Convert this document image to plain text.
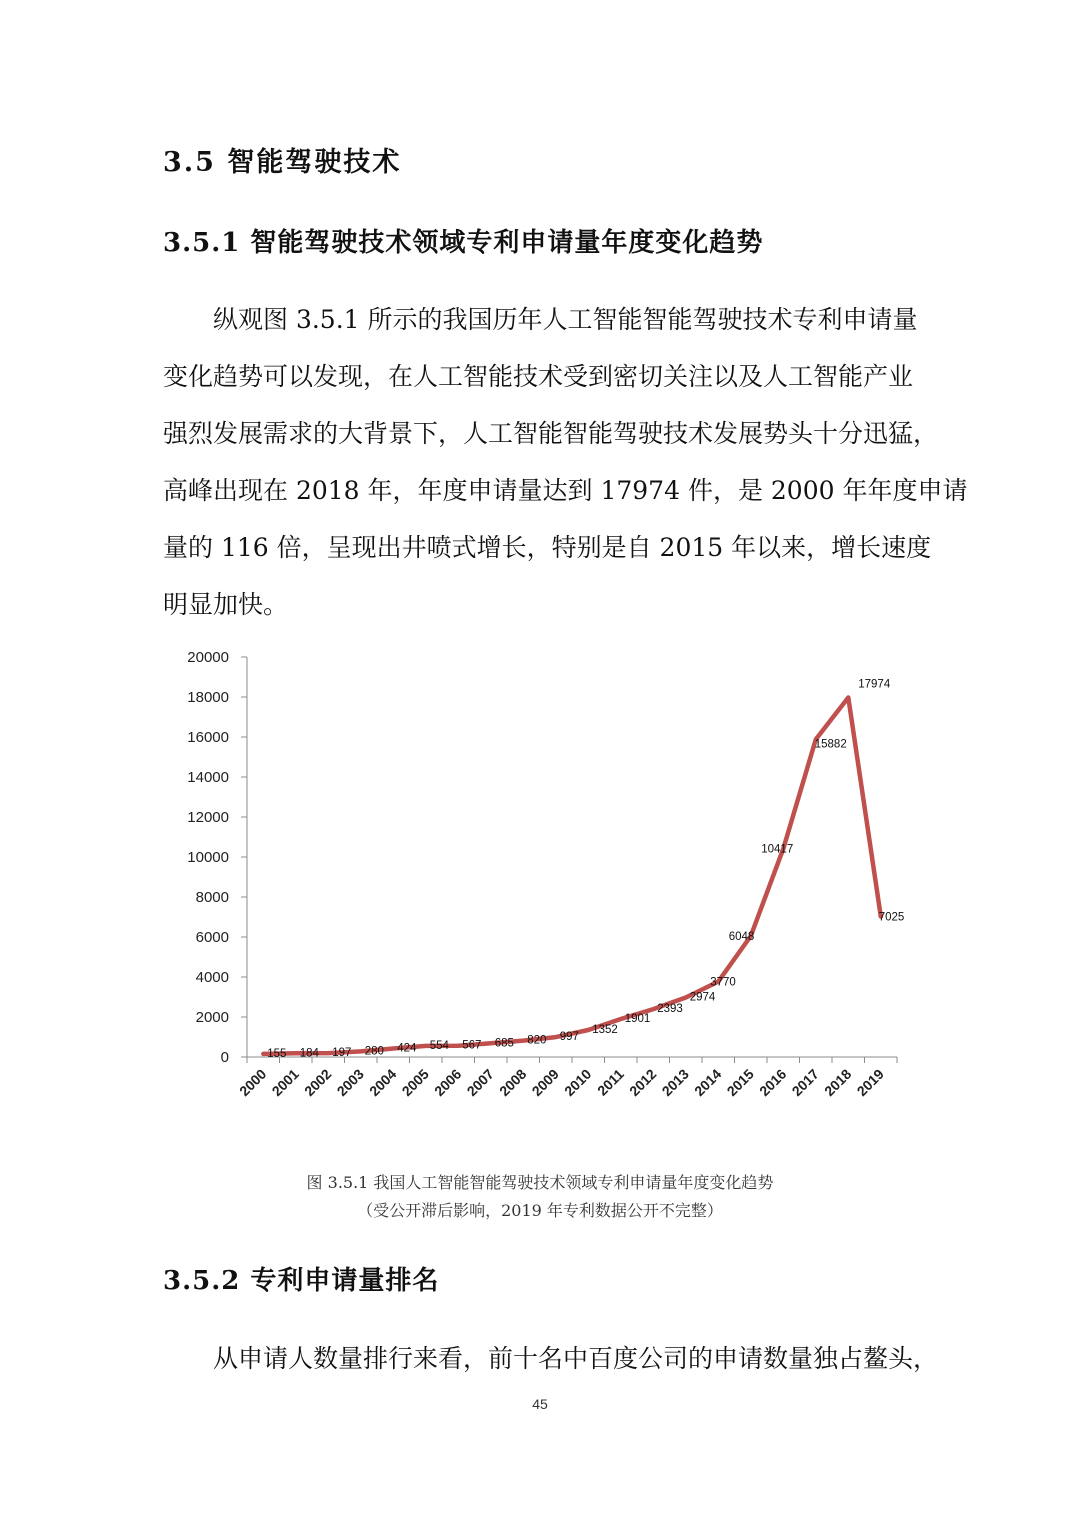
3.5 智能驾驶技术
3.5.1 智能驾驶技术领域专利申请量年度变化趋势
纵观图 3.5.1 所示的我国历年人工智能智能驾驶技术专利申请量
变化趋势可以发现，在人工智能技术受到密切关注以及人工智能产业
强烈发展需求的大背景下，人工智能智能驾驶技术发展势头十分迅猛，
高峰出现在 2018 年，年度申请量达到 17974 件，是 2000 年年度申请
量的 116 倍，呈现出井喷式增长，特别是自 2015 年以来，增长速度
明显加快。
0
2000
4000
6000
8000
10000
12000
14000
16000
18000
20000
2000 2001 2002 2003 2004 2005 2006 2007 2008 2009 2010 2011 2012 2013 2014 2015 2016 2017 2018 2019
155 184 197 280 424 554 567 685 820 997
1352
1901
2393
2974
3770
6048
10417
15882
17974
7025
图 3.5.1 我国人工智能智能驾驶技术领域专利申请量年度变化趋势
（受公开滞后影响，2019 年专利数据公开不完整）
3.5.2 专利申请量排名
从申请人数量排行来看，前十名中百度公司的申请数量独占鳌头，
45
